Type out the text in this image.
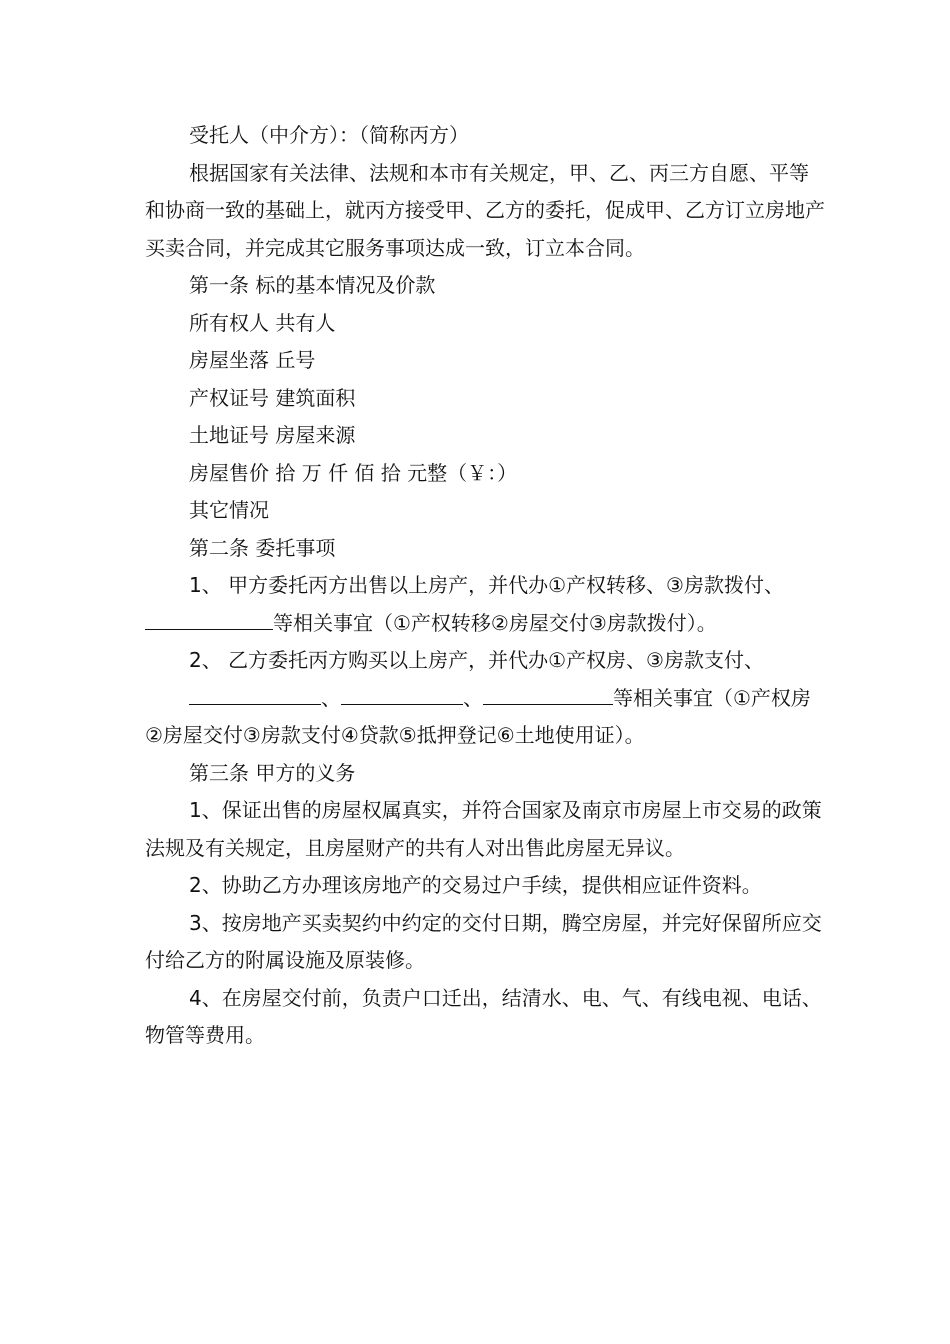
受托人（中介方）：（简称丙方）

根据国家有关法律、法规和本市有关规定，甲、乙、丙三方自愿、平等和协商一致的基础上，就丙方接受甲、乙方的委托，促成甲、乙方订立房地产买卖合同，并完成其它服务事项达成一致，订立本合同。

第一条 标的基本情况及价款

所有权人 共有人

房屋坐落 丘号

产权证号 建筑面积

土地证号 房屋来源

房屋售价 拾 万 仟 佰 拾 元整（￥：）

其它情况

第二条 委托事项

1、 甲方委托丙方出售以上房产，并代办①产权转移、③房款拨付、等相关事宜（①产权转移②房屋交付③房款拨付）。

2、 乙方委托丙方购买以上房产，并代办①产权房、③房款支付、

、	、	等相关事宜（①产权房②房屋交付③房款支付④贷款⑤抵押登记⑥土地使用证）。

第三条 甲方的义务

1、保证出售的房屋权属真实，并符合国家及南京市房屋上市交易的政策法规及有关规定，且房屋财产的共有人对出售此房屋无异议。

2、协助乙方办理该房地产的交易过户手续，提供相应证件资料。

3、按房地产买卖契约中约定的交付日期，腾空房屋，并完好保留所应交付给乙方的附属设施及原装修。

4、在房屋交付前，负责户口迁出，结清水、电、气、有线电视、电话、物管等费用。
